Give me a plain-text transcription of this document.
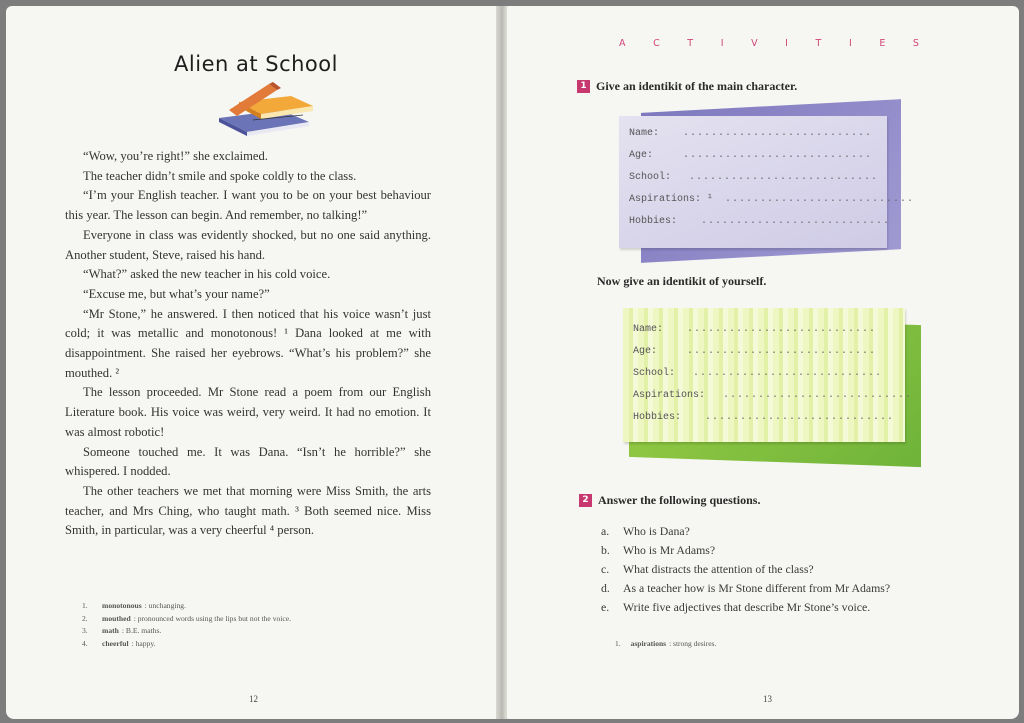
Alien at School

“Wow, you’re right!” she exclaimed.

The teacher didn’t smile and spoke coldly to the class.

“I’m your English teacher. I want you to be on your best behaviour this year. The lesson can begin. And remember, no talking!”

Everyone in class was evidently shocked, but no one said anything. Another student, Steve, raised his hand.

“What?” asked the new teacher in his cold voice.

“Excuse me, but what’s your name?”

“Mr Stone,” he answered. I then noticed that his voice wasn’t just cold; it was metallic and monotonous! ¹ Dana looked at me with disappointment. She raised her eyebrows. “What’s his problem?” she mouthed. ²

The lesson proceeded. Mr Stone read a poem from our English Literature book. His voice was weird, very weird. It had no emotion. It was almost robotic!

Someone touched me. It was Dana. “Isn’t he horrible?” she whispered. I nodded.

The other teachers we met that morning were Miss Smith, the arts teacher, and Mrs Ching, who taught math. ³ Both seemed nice. Miss Smith, in particular, was a very cheerful ⁴ person.

1.	monotonous : unchanging.
2.	mouthed : pronounced words using the lips but not the voice.
3.	math : B.E. maths.
4.	cheerful : happy.
12
A	C	T	I	V	I	T	I	E	S
1 Give an identikit of the main character.
Name: ...........................
Age:	...........................
School: ...........................
Aspirations: ¹ ...........................
Hobbies: ...........................
Now give an identikit of yourself.
Name: ...........................
Age:	...........................
School: ...........................
Aspirations: ...........................
Hobbies: ...........................
2 Answer the following questions.
a.	Who is Dana?
b.	Who is Mr Adams?
c.	What distracts the attention of the class?
d.	As a teacher how is Mr Stone different from Mr Adams?
e.	Write five adjectives that describe Mr Stone’s voice.
1. aspirations : strong desires.
13
